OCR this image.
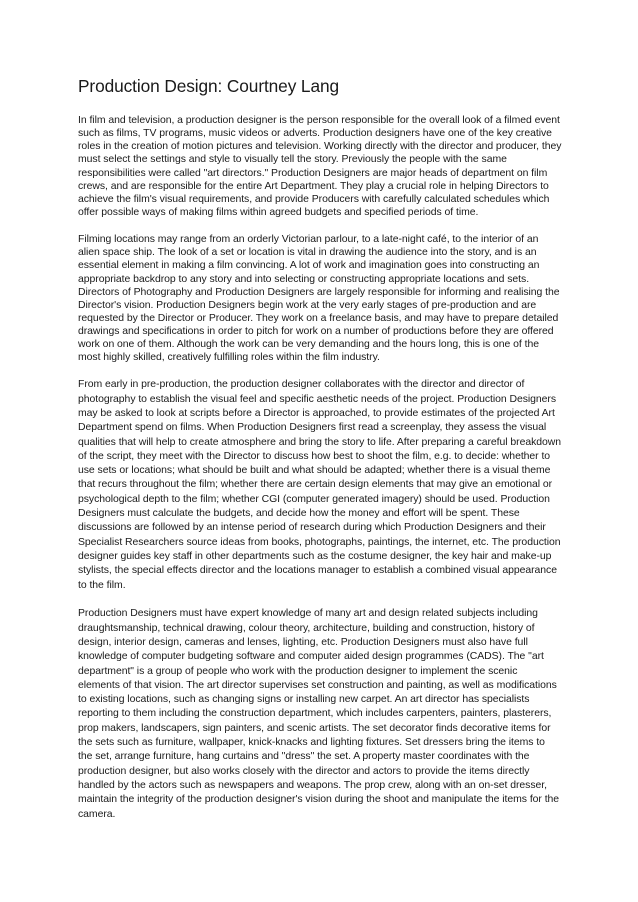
Production Design: Courtney Lang

In film and television, a production designer is the person responsible for the overall look of a filmed event such as films, TV programs, music videos or adverts. Production designers have one of the key creative roles in the creation of motion pictures and television. Working directly with the director and producer, they must select the settings and style to visually tell the story. Previously the people with the same responsibilities were called "art directors." Production Designers are major heads of department on film crews, and are responsible for the entire Art Department. They play a crucial role in helping Directors to achieve the film's visual requirements, and provide Producers with carefully calculated schedules which offer possible ways of making films within agreed budgets and specified periods of time.

Filming locations may range from an orderly Victorian parlour, to a late-night café, to the interior of an alien space ship. The look of a set or location is vital in drawing the audience into the story, and is an essential element in making a film convincing. A lot of work and imagination goes into constructing an appropriate backdrop to any story and into selecting or constructing appropriate locations and sets. Directors of Photography and Production Designers are largely responsible for informing and realising the Director's vision. Production Designers begin work at the very early stages of pre-production and are requested by the Director or Producer. They work on a freelance basis, and may have to prepare detailed drawings and specifications in order to pitch for work on a number of productions before they are offered work on one of them. Although the work can be very demanding and the hours long, this is one of the most highly skilled, creatively fulfilling roles within the film industry.

From early in pre-production, the production designer collaborates with the director and director of photography to establish the visual feel and specific aesthetic needs of the project. Production Designers may be asked to look at scripts before a Director is approached, to provide estimates of the projected Art Department spend on films. When Production Designers first read a screenplay, they assess the visual qualities that will help to create atmosphere and bring the story to life. After preparing a careful breakdown of the script, they meet with the Director to discuss how best to shoot the film, e.g. to decide: whether to use sets or locations; what should be built and what should be adapted; whether there is a visual theme that recurs throughout the film; whether there are certain design elements that may give an emotional or psychological depth to the film; whether CGI (computer generated imagery) should be used. Production Designers must calculate the budgets, and decide how the money and effort will be spent. These discussions are followed by an intense period of research during which Production Designers and their Specialist Researchers source ideas from books, photographs, paintings, the internet, etc. The production designer guides key staff in other departments such as the costume designer, the key hair and make-up stylists, the special effects director and the locations manager to establish a combined visual appearance to the film.

Production Designers must have expert knowledge of many art and design related subjects including draughtsmanship, technical drawing, colour theory, architecture, building and construction, history of design, interior design, cameras and lenses, lighting, etc. Production Designers must also have full knowledge of computer budgeting software and computer aided design programmes (CADS). The "art department" is a group of people who work with the production designer to implement the scenic elements of that vision. The art director supervises set construction and painting, as well as modifications to existing locations, such as changing signs or installing new carpet. An art director has specialists reporting to them including the construction department, which includes carpenters, painters, plasterers, prop makers, landscapers, sign painters, and scenic artists. The set decorator finds decorative items for the sets such as furniture, wallpaper, knick-knacks and lighting fixtures. Set dressers bring the items to the set, arrange furniture, hang curtains and "dress" the set. A property master coordinates with the production designer, but also works closely with the director and actors to provide the items directly handled by the actors such as newspapers and weapons. The prop crew, along with an on-set dresser, maintain the integrity of the production designer's vision during the shoot and manipulate the items for the camera.
